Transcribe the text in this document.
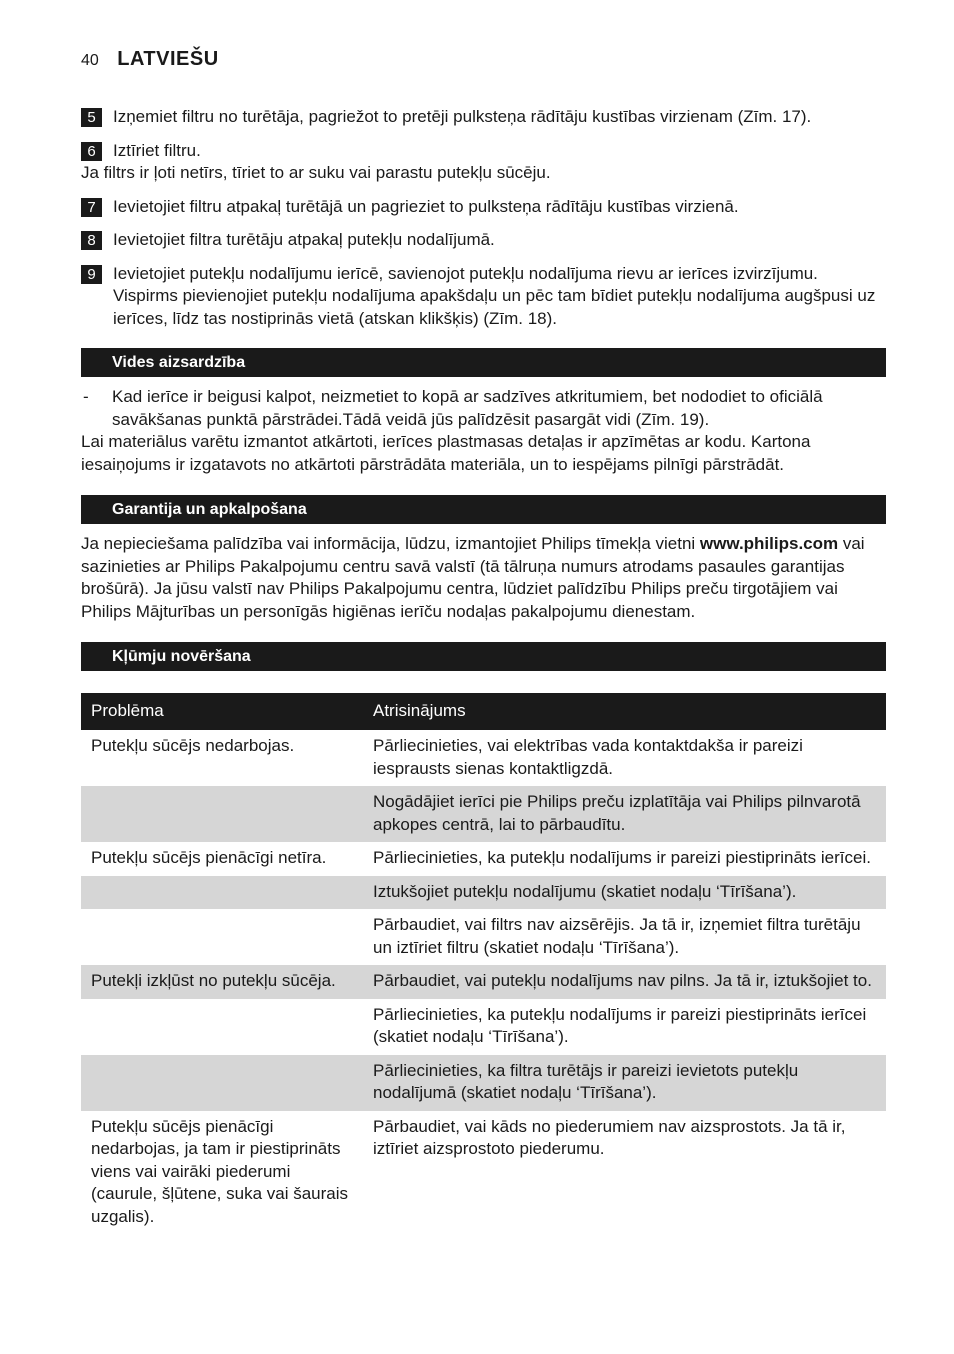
40 LATVIEŠU
5	Izņemiet filtru no turētāja, pagriežot to pretēji pulksteņa rādītāju kustības virzienam (Zīm. 17).
6	Iztīriet filtru.
Ja filtrs ir ļoti netīrs, tīriet to ar suku vai parastu putekļu sūcēju.
7	Ievietojiet filtru atpakaļ turētājā un pagrieziet to pulksteņa rādītāju kustības virzienā.
8	Ievietojiet filtra turētāju atpakaļ putekļu nodalījumā.
9	Ievietojiet putekļu nodalījumu ierīcē, savienojot putekļu nodalījuma rievu ar ierīces izvirzījumu. Vispirms pievienojiet putekļu nodalījuma apakšdaļu un pēc tam bīdiet putekļu nodalījuma augšpusi uz ierīces, līdz tas nostiprinās vietā (atskan klikšķis) (Zīm. 18).
Vides aizsardzība
-	Kad ierīce ir beigusi kalpot, neizmetiet to kopā ar sadzīves atkritumiem, bet nododiet to oficiālā savākšanas punktā pārstrādei.Tādā veidā jūs palīdzēsit pasargāt vidi (Zīm. 19).
Lai materiālus varētu izmantot atkārtoti, ierīces plastmasas detaļas ir apzīmētas ar kodu. Kartona iesaiņojums ir izgatavots no atkārtoti pārstrādāta materiāla, un to iespējams pilnīgi pārstrādāt.
Garantija un apkalpošana
Ja nepieciešama palīdzība vai informācija, lūdzu, izmantojiet Philips tīmekļa vietni www.philips.com vai sazinieties ar Philips Pakalpojumu centru savā valstī (tā tālruņa numurs atrodams pasaules garantijas brošūrā). Ja jūsu valstī nav Philips Pakalpojumu centra, lūdziet palīdzību Philips preču tirgotājiem vai Philips Mājturības un personīgās higiēnas ierīču nodaļas pakalpojumu dienestam.
Kļūmju novēršana
Problēma	Atrisinājums
Putekļu sūcējs nedarbojas.	Pārliecinieties, vai elektrības vada kontaktdakša ir pareizi iesprausts sienas kontaktligzdā.
	Nogādājiet ierīci pie Philips preču izplatītāja vai Philips pilnvarotā apkopes centrā, lai to pārbaudītu.
Putekļu sūcējs pienācīgi netīra.	Pārliecinieties, ka putekļu nodalījums ir pareizi piestiprināts ierīcei.
	Iztukšojiet putekļu nodalījumu (skatiet nodaļu ‘Tīrīšana’).
	Pārbaudiet, vai filtrs nav aizsērējis. Ja tā ir, izņemiet filtra turētāju un iztīriet filtru (skatiet nodaļu ‘Tīrīšana’).
Putekļi izkļūst no putekļu sūcēja.	Pārbaudiet, vai putekļu nodalījums nav pilns. Ja tā ir, iztukšojiet to.
	Pārliecinieties, ka putekļu nodalījums ir pareizi piestiprināts ierīcei (skatiet nodaļu ‘Tīrīšana’).
	Pārliecinieties, ka filtra turētājs ir pareizi ievietots putekļu nodalījumā (skatiet nodaļu ‘Tīrīšana’).
Putekļu sūcējs pienācīgi nedarbojas, ja tam ir piestiprināts viens vai vairāki piederumi (caurule, šļūtene, suka vai šaurais uzgalis).	Pārbaudiet, vai kāds no piederumiem nav aizsprostots. Ja tā ir, iztīriet aizsprostoto piederumu.
